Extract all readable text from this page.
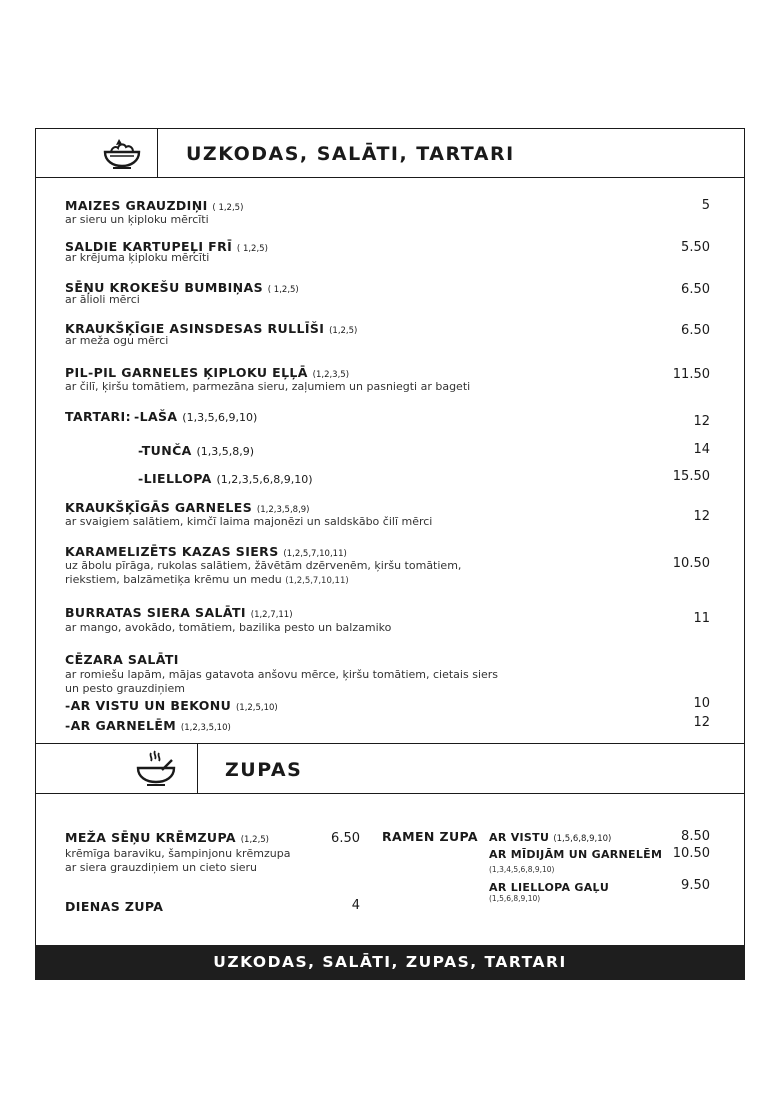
UZKODAS, SALĀTI, TARTARI
MAIZES GRAUZDIŅI ( 1,2,5)
ar sieru un ķiploku mērcīti
5
SALDIE KARTUPEĻI FRĪ ( 1,2,5)
ar krējuma ķiploku mērcīti
5.50
SĒŅU KROKEŠU BUMBIŅAS ( 1,2,5)
ar ālioli mērci
6.50
KRAUKŠĶĪGIE ASINSDESAS RULLĪŠI (1,2,5)
ar meža ogu mērci
6.50
PIL-PIL GARNELES ĶIPLOKU EĻĻĀ (1,2,3,5)
ar čilī, ķiršu tomātiem, parmezāna sieru, zaļumiem un pasniegti ar bageti
11.50
TARTARI: -LAŠA (1,3,5,6,9,10)	12
-TUNČA (1,3,5,8,9)	14
-LIELLOPA (1,2,3,5,6,8,9,10)	15.50
KRAUKŠĶĪGĀS GARNELES (1,2,3,5,8,9)
ar svaigiem salātiem, kimčī laima majonēzi un saldskābo čilī mērci	12
KARAMELIZĒTS KAZAS SIERS (1,2,5,7,10,11)
uz ābolu pīrāga, rukolas salātiem, žāvētām dzērvenēm, ķiršu tomātiem,
riekstiem, balzāmetiķa krēmu un medu (1,2,5,7,10,11)
10.50
BURRATAS SIERA SALĀTI (1,2,7,11)
ar mango, avokādo, tomātiem, bazilika pesto un balzamiko
11
CĒZARA SALĀTI
ar romiešu lapām, mājas gatavota anšovu mērce, ķiršu tomātiem, cietais siers
un pesto grauzdiņiem
-AR VISTU UN BEKONU (1,2,5,10)	10
-AR GARNELĒM (1,2,3,5,10)	12
ZUPAS
MEŽA SĒŅU KRĒMZUPA (1,2,5)	6.50
krēmīga baraviku, šampinjonu krēmzupa
ar siera grauzdiņiem un cieto sieru
DIENAS ZUPA	4
RAMEN ZUPA AR VISTU (1,5,6,8,9,10)	8.50
AR MĪDIJĀM UN GARNELĒM
(1,3,4,5,6,8,9,10)
10.50
AR LIELLOPA GAĻU
(1,5,6,8,9,10)
9.50
UZKODAS, SALĀTI, ZUPAS, TARTARI
